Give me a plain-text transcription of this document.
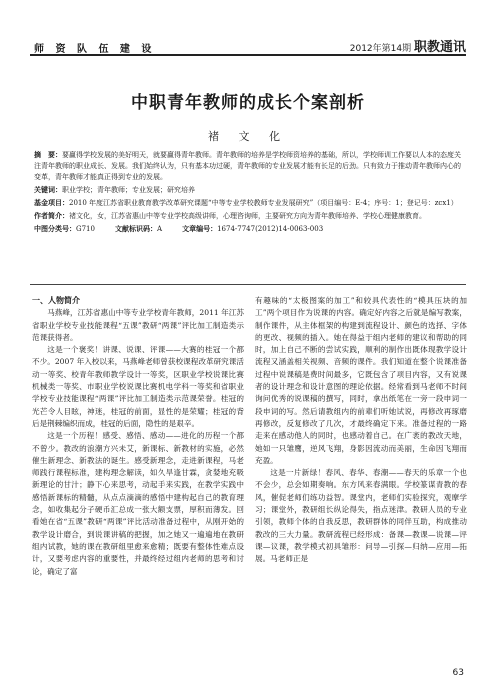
师 资 队 伍 建 设	2012年第14期 职教通讯
中职青年教师的成长个案剖析
褚 文 化

摘　要：要赢得学校发展的美好明天，就要赢得青年教师。青年教师的培养是学校师资培养的基础，所以，学校师训工作要以人本的态度关注青年教师的职业成长、发展。我们始终认为，只有基本功过硬，青年教师的专业发展才能有长足的后劲。只有致力于推动青年教师内心的变革，青年教师才能真正得到专业的发展。

关键词：职业学校；青年教师；专业发展；研究培养

基金项目：2010 年度江苏省职业教育教学改革研究课题“中等专业学校教师专业发展研究”（项目编号：E-4；序号：1；登记号：zcx1）

作者简介：褚文化，女，江苏省惠山中等专业学校高级讲师，心理咨询师，主要研究方向为青年教师培养、学校心理健康教育。

中图分类号：G710	文献标识码：A	文章编号：1674-7747(2012)14-0063-003

一、人物简介

马燕峰，江苏省惠山中等专业学校青年教师，2011 年江苏省职业学校专业技能课程“五课”教研“两课”评比加工制造类示范课获得者。

这是一个褒奖！讲课、说课、评课——大赛的桂冠一个都不少。2007 年入校以来，马燕峰老师曾获校课程改革研究课活动一等奖、校青年教师教学设计一等奖，区职业学校说课比赛机械类一等奖、市职业学校说课比赛机电学科一等奖和省职业学校专业技能课程“两课”评比加工制造类示范课荣誉。桂冠的光芒令人目眩，神迷，桂冠的前面，显性的是荣耀；桂冠的背后是荆棘编织而成，桂冠的后面，隐性的是艰辛。

这是一个历程！感受、感悟、感动——进化的历程一个都不曾少。教改的浪潮方兴未艾，新课标、新教材的实施，必然催生新理念、新教法的诞生。感受新理念，走进新课程，马老师践行课程标准，建构理念解读，如久旱逢甘霖，贪婪地充吸新理论的甘汁；静下心来思考，动起手来实践，在教学实践中感悟新课标的精髓，从点点滴滴的感悟中建构起自己的教育理念，如收集起分子硬币汇总成一张大额支票，厚积而薄发。回看她在省“五课”教研“两课”评比活动准备过程中，从刚开始的教学设计磨合，到说课讲稿的把握，加之她又一遍遍地在教研组内试教，她的课在教研组里愈来愈精；既要有整体性难点设计，又要考虑内容的重要性，并最终经过组内老师的思考和讨论，确定了富

有趣味的“太极图案的加工”和较具代表性的“模具压块的加工”两个项目作为说课的内容。确定好内容之后就是编写教案，制作课件，从主体框架的构建到流程设计、颜色的选择、字体的更改、视频的插入。她在得益于组内老师的建议和帮助的同时，加上自己不断的尝试实践，顺利的制作出既体现教学设计流程又涵盖相关视频、音频的课件。我们知道在整个说课准备过程中说课稿是费时间最多，它既包含了项目内容，又有说课者的设计理念和设计意图的理论依据。经常看到马老师不时间询问优秀的说课稿的撰写，同时，拿出纸笔在一旁一段申词一段申词的写。然后请教组内的前辈们听她试说，再修改再琢磨再修改，反复修改了几次，才最终确定下来。准备过程的一路走来在感动他人的同时，也感动着自己。在广袤的教改天地，她如一只雏鹰，逆风飞翔，身影因流动而美丽，生命因飞翔而充盈。

这是一片新绿！春风、春华、春潮——春天的乐章一个也不会少，总会如期奏响。东方风来春满眼。学校篆谋青教的春风，催促老师们练功益智。课堂内，老师们实验探究，观摩学习；课堂外，教研组长纵论得失，指点迷津。教研人员的专业引领，教师个体的自我反思，教研群体的同伴互助，构成推动教改的三大力量。教研流程已经形成：备课—教课—说课—评课—议课，教学模式初具雏形：问导—引探—归纳—应用—拓展。马老师正是

63
